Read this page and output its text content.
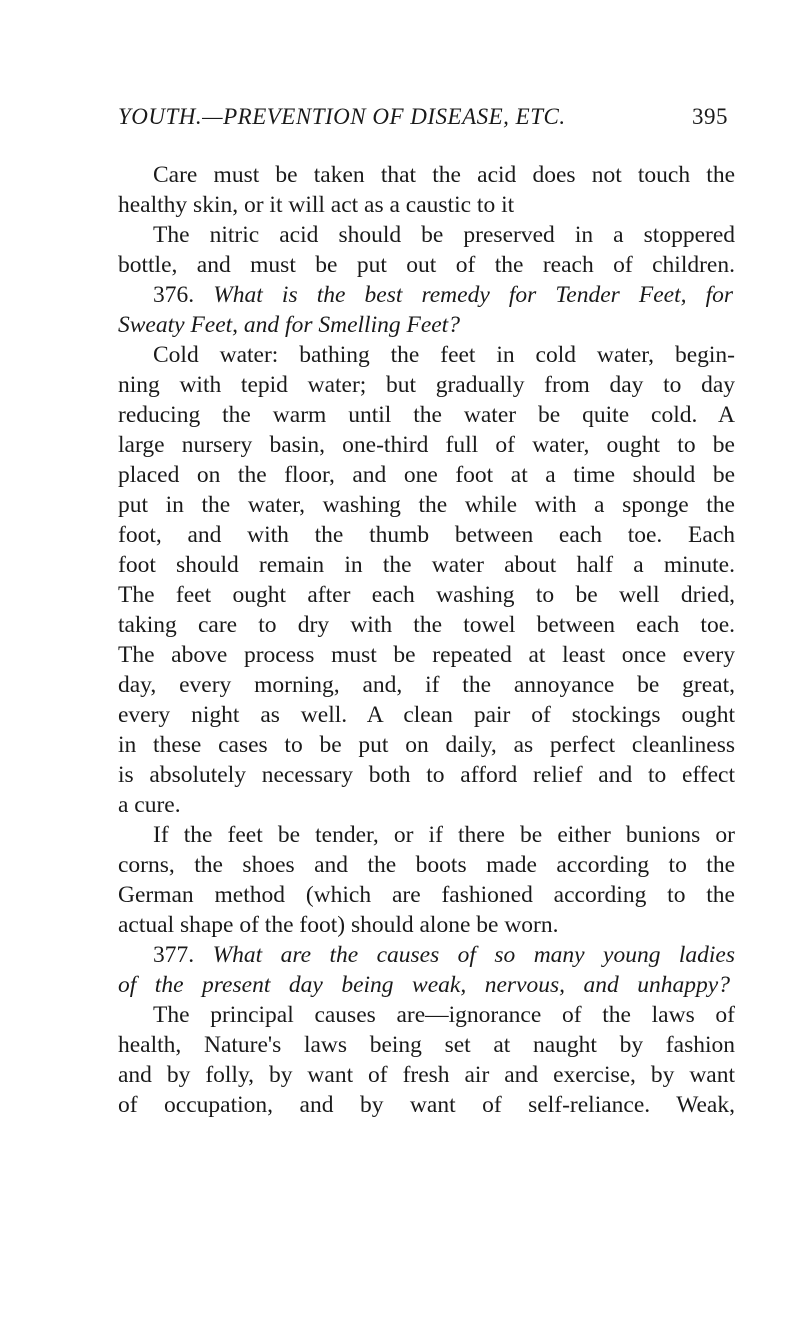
YOUTH.—PREVENTION OF DISEASE, ETC.	395
Care must be taken that the acid does not touch the
healthy skin, or it will act as a caustic to it
The nitric acid should be preserved in a stoppered
bottle, and must be put out of the reach of children.
376. What is the best remedy for Tender Feet, for
Sweaty Feet, and for Smelling Feet?
Cold water: bathing the feet in cold water, begin-
ning with tepid water; but gradually from day to day
reducing the warm until the water be quite cold. A
large nursery basin, one-third full of water, ought to be
placed on the floor, and one foot at a time should be
put in the water, washing the while with a sponge the
foot, and with the thumb between each toe. Each
foot should remain in the water about half a minute.
The feet ought after each washing to be well dried,
taking care to dry with the towel between each toe.
The above process must be repeated at least once every
day, every morning, and, if the annoyance be great,
every night as well. A clean pair of stockings ought
in these cases to be put on daily, as perfect cleanliness
is absolutely necessary both to afford relief and to effect
a cure.
If the feet be tender, or if there be either bunions or
corns, the shoes and the boots made according to the
German method (which are fashioned according to the
actual shape of the foot) should alone be worn.
377. What are the causes of so many young ladies
of the present day being weak, nervous, and unhappy?
The principal causes are—ignorance of the laws of
health, Nature's laws being set at naught by fashion
and by folly, by want of fresh air and exercise, by want
of occupation, and by want of self-reliance. Weak,
